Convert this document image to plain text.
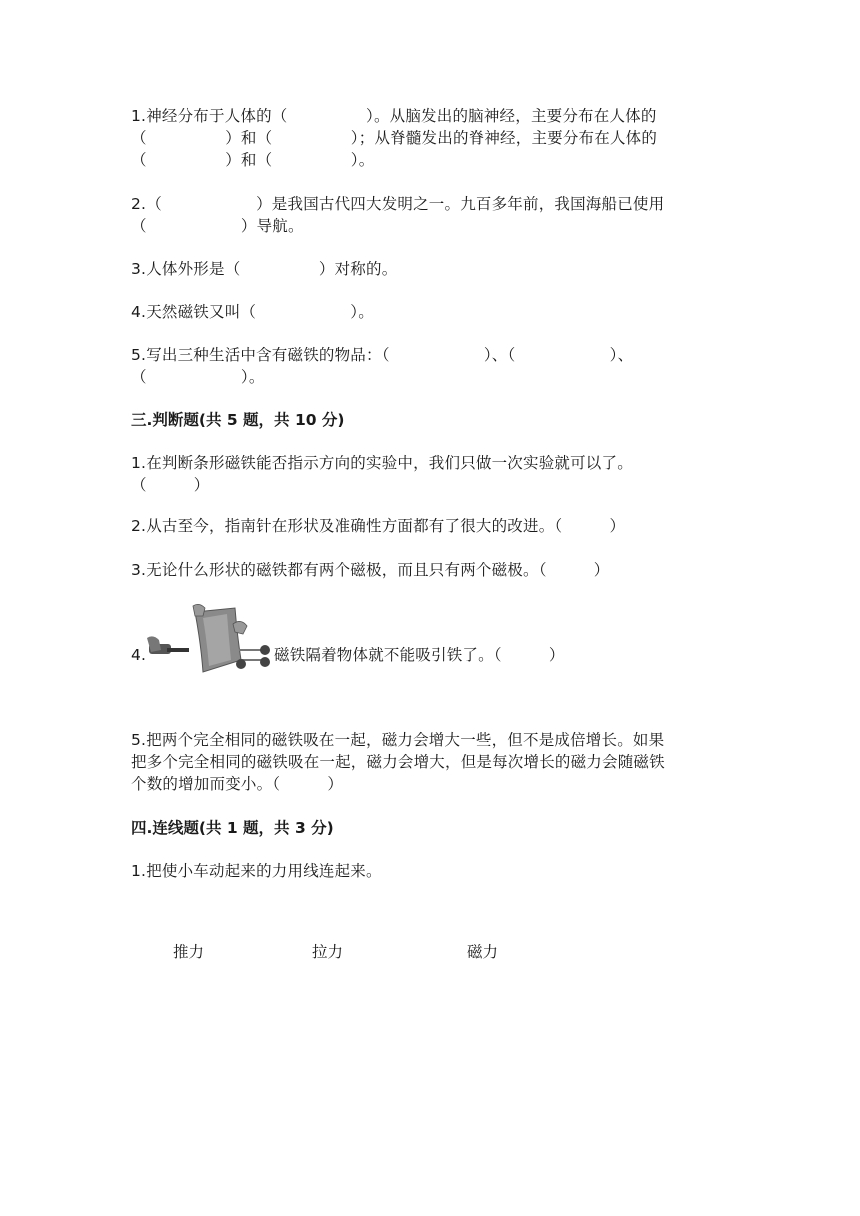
1.神经分布于人体的（　　　　　）。从脑发出的脑神经，主要分布在人体的
（　　　　　）和（　　　　　）；从脊髓发出的脊神经，主要分布在人体的
（　　　　　）和（　　　　　）。
2.（　　　　　　）是我国古代四大发明之一。九百多年前，我国海船已使用
（　　　　　　）导航。
3.人体外形是（　　　　　）对称的。
4.天然磁铁又叫（　　　　　　）。
5.写出三种生活中含有磁铁的物品：（　　　　　　）、（　　　　　　）、
（　　　　　　）。
三.判断题(共 5 题，共 10 分)
1.在判断条形磁铁能否指示方向的实验中，我们只做一次实验就可以了。
（　　　）
2.从古至今，指南针在形状及准确性方面都有了很大的改进。（　　　）
3.无论什么形状的磁铁都有两个磁极，而且只有两个磁极。（　　　）
4.	磁铁隔着物体就不能吸引铁了。（　　　）
5.把两个完全相同的磁铁吸在一起，磁力会增大一些，但不是成倍增长。如果
把多个完全相同的磁铁吸在一起，磁力会增大，但是每次增长的磁力会随磁铁
个数的增加而变小。（　　　）
四.连线题(共 1 题，共 3 分)
1.把使小车动起来的力用线连起来。
推力	拉力	磁力
